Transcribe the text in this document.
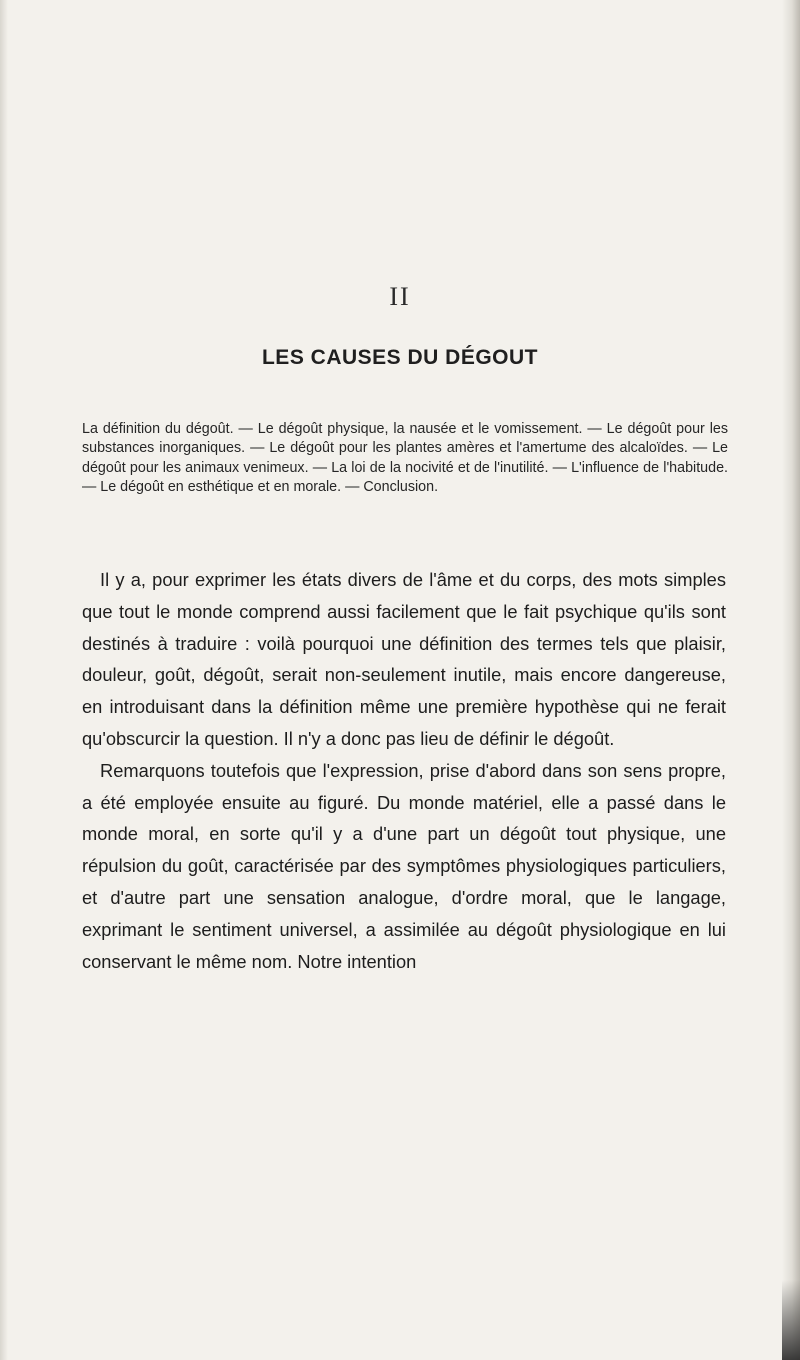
II
LES CAUSES DU DÉGOUT
La définition du dégoût. — Le dégoût physique, la nausée et le vomissement. — Le dégoût pour les substances inorganiques. — Le dégoût pour les plantes amères et l'amertume des alcaloïdes. — Le dégoût pour les animaux venimeux. — La loi de la nocivité et de l'inutilité. — L'influence de l'habitude. — Le dégoût en esthétique et en morale. — Conclusion.

Il y a, pour exprimer les états divers de l'âme et du corps, des mots simples que tout le monde comprend aussi facilement que le fait psychique qu'ils sont destinés à traduire : voilà pourquoi une définition des termes tels que plaisir, douleur, goût, dégoût, serait non-seulement inutile, mais encore dangereuse, en introduisant dans la définition même une première hypothèse qui ne ferait qu'obscurcir la question. Il n'y a donc pas lieu de définir le dégoût.

Remarquons toutefois que l'expression, prise d'abord dans son sens propre, a été employée ensuite au figuré. Du monde matériel, elle a passé dans le monde moral, en sorte qu'il y a d'une part un dégoût tout physique, une répulsion du goût, caractérisée par des symptômes physiologiques particuliers, et d'autre part une sensation analogue, d'ordre moral, que le langage, exprimant le sentiment universel, a assimilée au dégoût physiologique en lui conservant le même nom. Notre intention
